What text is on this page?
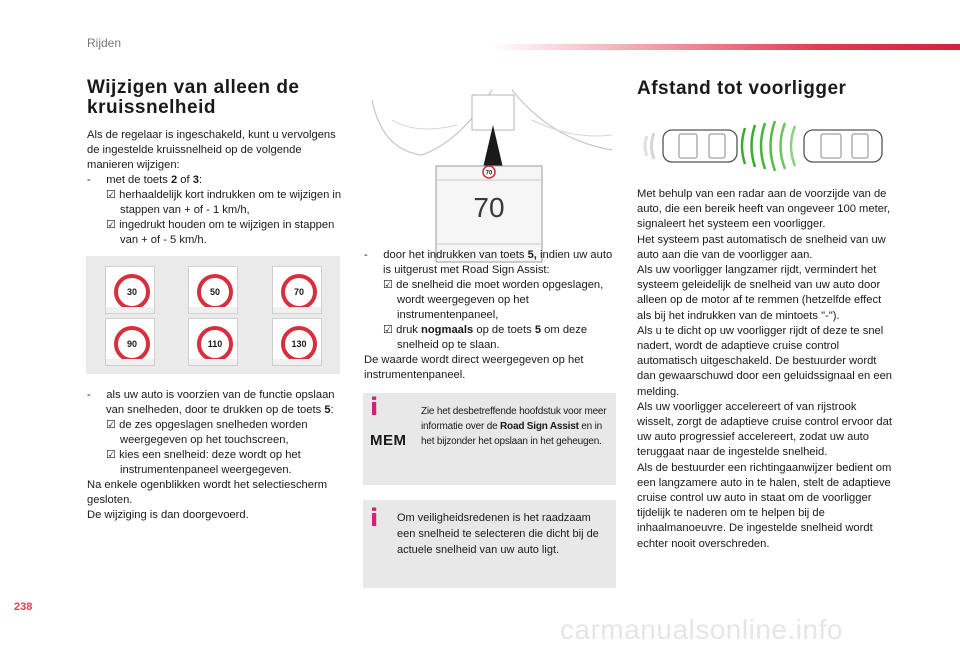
Rijden
Wijzigen van alleen de kruissnelheid

Als de regelaar is ingeschakeld, kunt u vervolgens de ingestelde kruissnelheid op de volgende manieren wijzigen:

- met de toets 2 of 3:

☑ herhaaldelijk kort indrukken om te wijzigen in stappen van + of - 1 km/h,

☑ ingedrukt houden om te wijzigen in stappen van + of - 5 km/h.

30	50	70
90	110	130

- als uw auto is voorzien van de functie opslaan van snelheden, door te drukken op de toets 5:

☑ de zes opgeslagen snelheden worden weergegeven op het touchscreen,

☑ kies een snelheid: deze wordt op het instrumentenpaneel weergegeven.

Na enkele ogenblikken wordt het selectiescherm gesloten.

De wijziging is dan doorgevoerd.

70
70

- door het indrukken van toets 5, indien uw auto is uitgerust met Road Sign Assist:

☑ de snelheid die moet worden opgeslagen, wordt weergegeven op het instrumentenpaneel,

☑ druk nogmaals op de toets 5 om deze snelheid op te slaan.

De waarde wordt direct weergegeven op het instrumentenpaneel.

i
MEM
Zie het desbetreffende hoofdstuk voor meer informatie over de Road Sign Assist en in het bijzonder het opslaan in het geheugen.
i Om veiligheidsredenen is het raadzaam een snelheid te selecteren die dicht bij de actuele snelheid van uw auto ligt.
Afstand tot voorligger
Met behulp van een radar aan de voorzijde van de auto, die een bereik heeft van ongeveer 100 meter, signaleert het systeem een voorligger.
Het systeem past automatisch de snelheid van uw auto aan die van de voorligger aan.
Als uw voorligger langzamer rijdt, vermindert het systeem geleidelijk de snelheid van uw auto door alleen op de motor af te remmen (hetzelfde effect als bij het indrukken van de mintoets "-").
Als u te dicht op uw voorligger rijdt of deze te snel nadert, wordt de adaptieve cruise control automatisch uitgeschakeld. De bestuurder wordt dan gewaarschuwd door een geluidssignaal en een melding.
Als uw voorligger accelereert of van rijstrook wisselt, zorgt de adaptieve cruise control ervoor dat uw auto progressief accelereert, zodat uw auto teruggaat naar de ingestelde snelheid.
Als de bestuurder een richtingaanwijzer bedient om een langzamere auto in te halen, stelt de adaptieve cruise control uw auto in staat om de voorligger tijdelijk te naderen om te helpen bij de inhaalmanoeuvre. De ingestelde snelheid wordt echter nooit overschreden.
238
carmanualsonline.info
